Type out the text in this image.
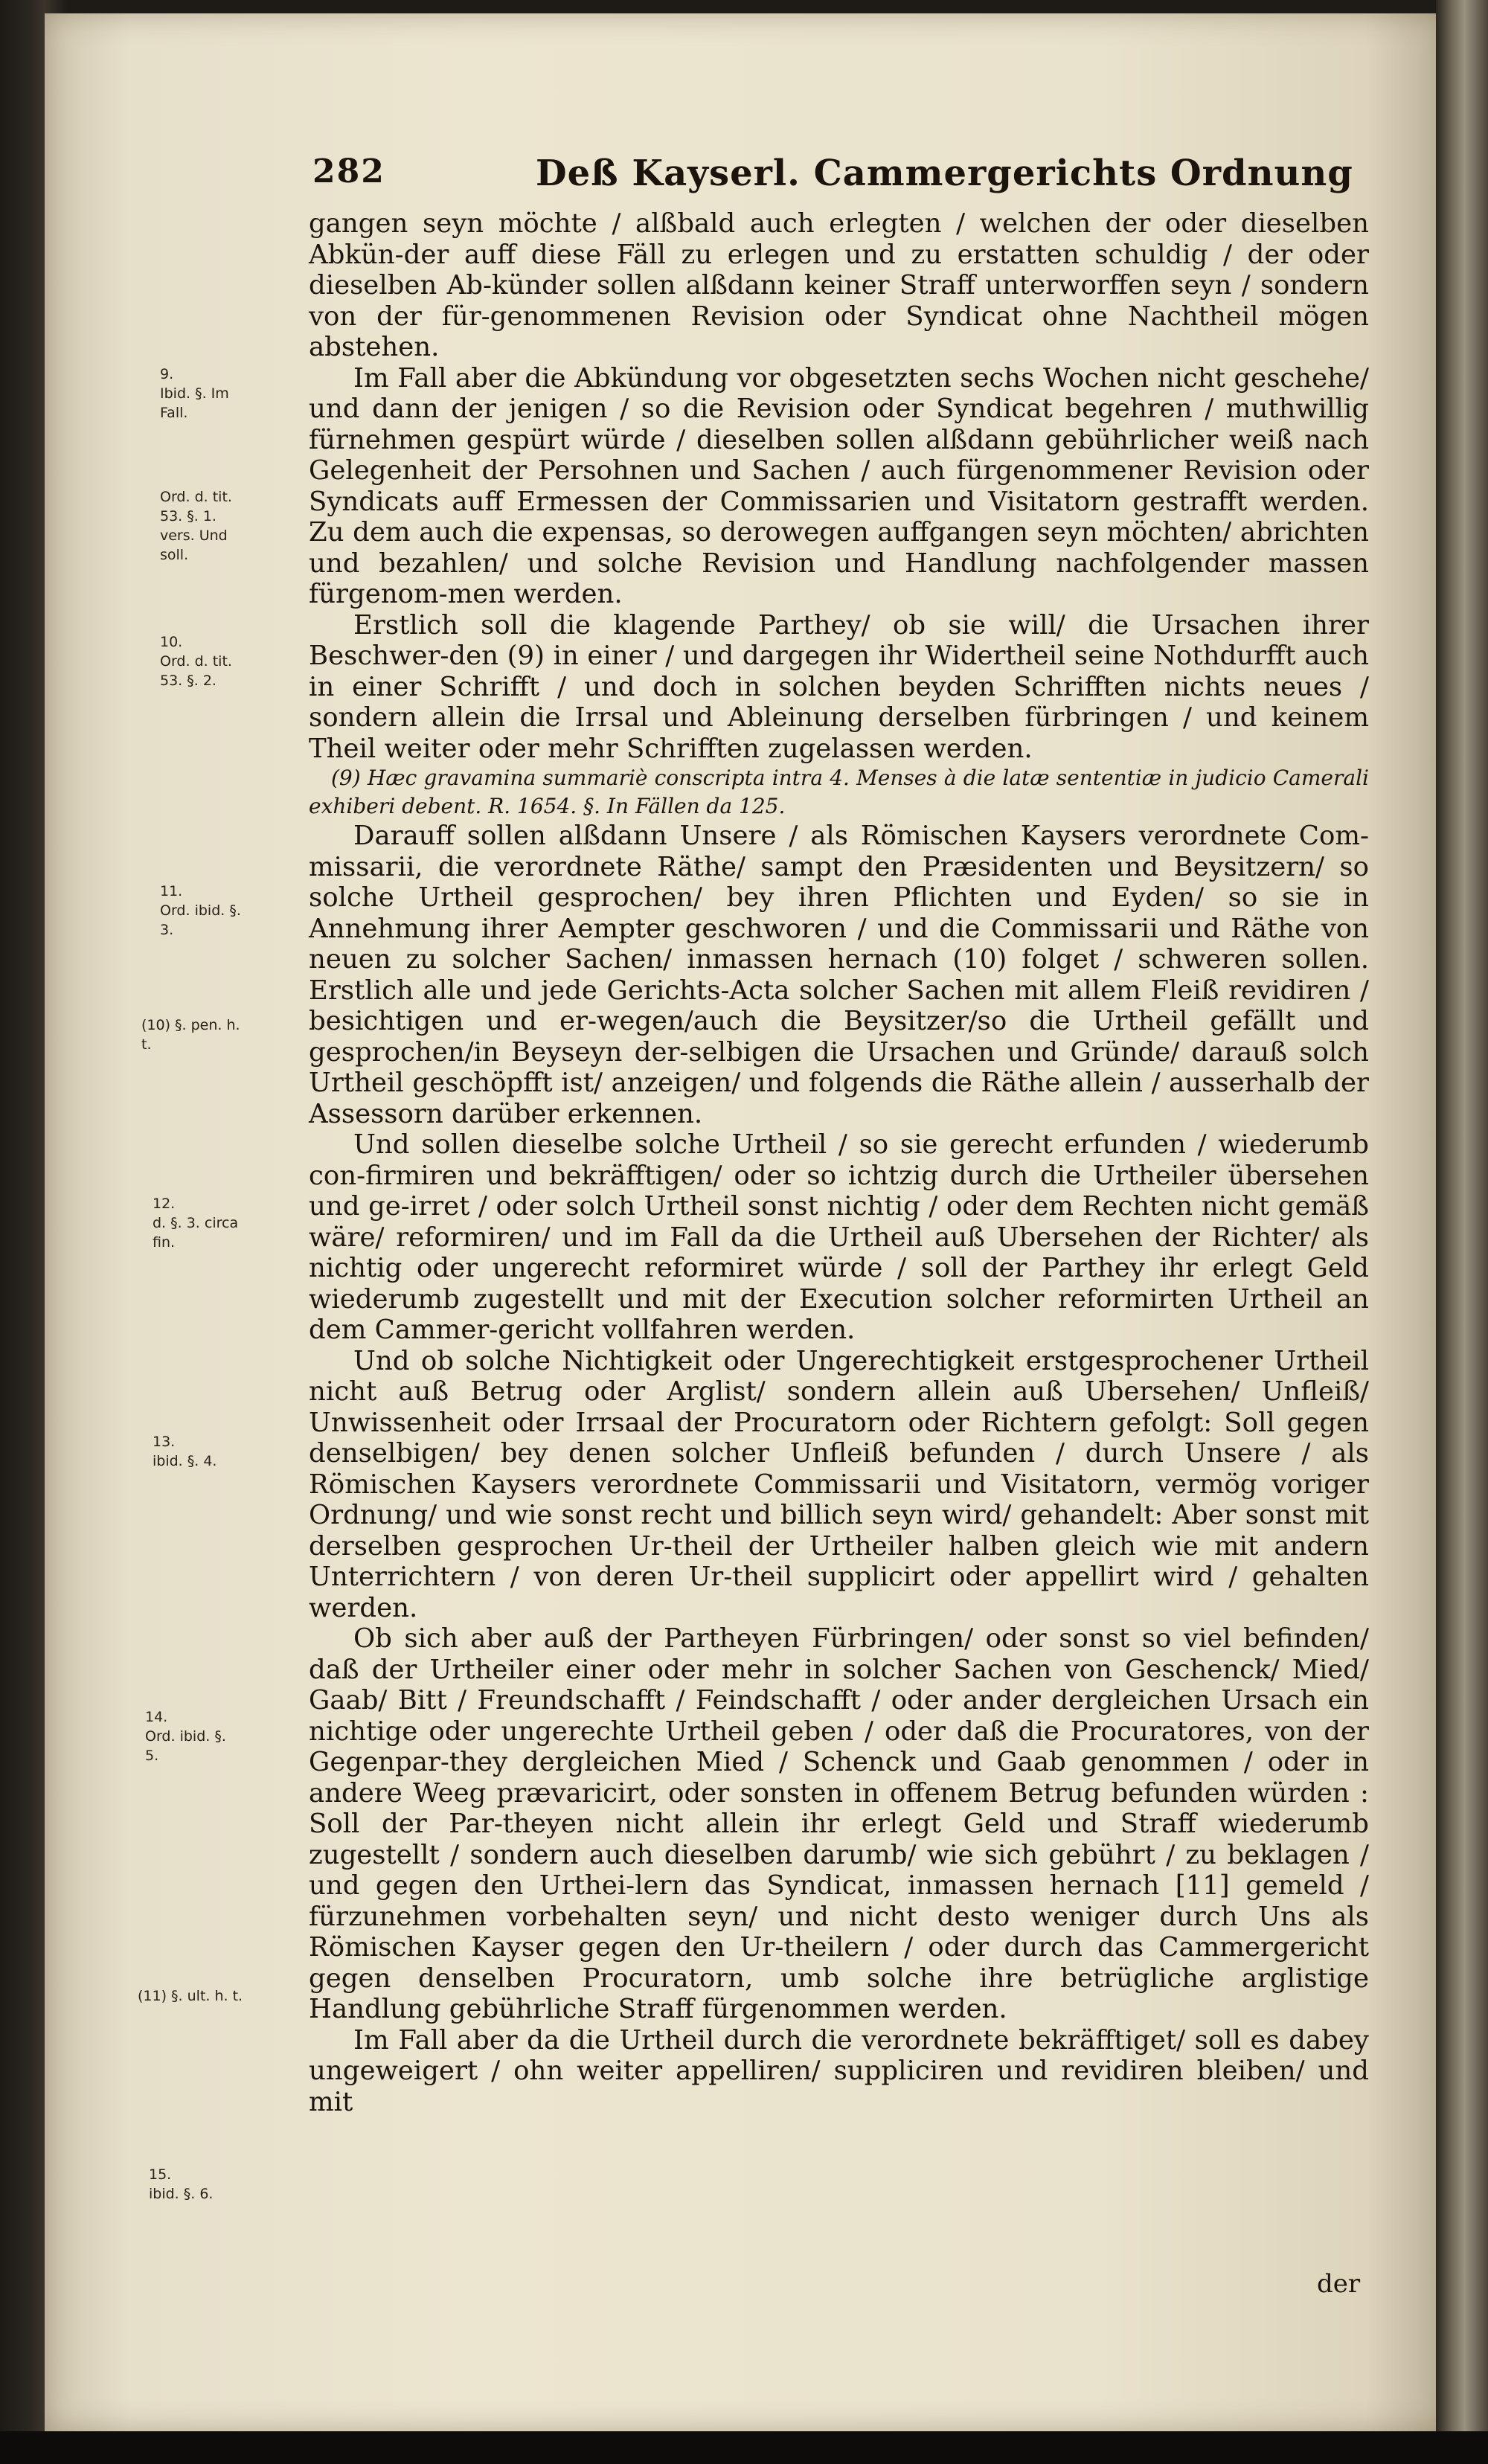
282	Deß Kayserl. Cammergerichts Ordnung
9.
Ibid. §. Im Fall.
Ord. d. tit. 53. §. 1. vers. Und soll.
10.
Ord. d. tit. 53. §. 2.
11.
Ord. ibid. §. 3.
(10) §. pen. h. t.
12.
d. §. 3. circa fin.
13.
ibid. §. 4.
14.
Ord. ibid. §. 5.
(11) §. ult. h. t.
15.
ibid. §. 6.

gangen seyn möchte / alßbald auch erlegten / welchen der oder dieselben Abkün-der auff diese Fäll zu erlegen und zu erstatten schuldig / der oder dieselben Ab-künder sollen alßdann keiner Straff unterworffen seyn / sondern von der für-genommenen Revision oder Syndicat ohne Nachtheil mögen abstehen.

Im Fall aber die Abkündung vor obgesetzten sechs Wochen nicht geschehe/ und dann der jenigen / so die Revision oder Syndicat begehren / muthwillig fürnehmen gespürt würde / dieselben sollen alßdann gebührlicher weiß nach Gelegenheit der Persohnen und Sachen / auch fürgenommener Revision oder Syndicats auff Ermessen der Commissarien und Visitatorn gestrafft werden. Zu dem auch die expensas, so derowegen auffgangen seyn möchten/ abrichten und bezahlen/ und solche Revision und Handlung nachfolgender massen fürgenom-men werden.

Erstlich soll die klagende Parthey/ ob sie will/ die Ursachen ihrer Beschwer-den (9) in einer / und dargegen ihr Widertheil seine Nothdurfft auch in einer Schrifft / und doch in solchen beyden Schrifften nichts neues / sondern allein die Irrsal und Ableinung derselben fürbringen / und keinem Theil weiter oder mehr Schrifften zugelassen werden.

(9) Hæc gravamina summariè conscripta intra 4. Menses à die latæ sententiæ in judicio Camerali exhiberi debent. R. 1654. §. In Fällen da 125.

Darauff sollen alßdann Unsere / als Römischen Kaysers verordnete Com-missarii, die verordnete Räthe/ sampt den Præsidenten und Beysitzern/ so solche Urtheil gesprochen/ bey ihren Pflichten und Eyden/ so sie in Annehmung ihrer Aempter geschworen / und die Commissarii und Räthe von neuen zu solcher Sachen/ inmassen hernach (10) folget / schweren sollen. Erstlich alle und jede Gerichts-Acta solcher Sachen mit allem Fleiß revidiren / besichtigen und er-wegen/auch die Beysitzer/so die Urtheil gefällt und gesprochen/in Beyseyn der-selbigen die Ursachen und Gründe/ darauß solch Urtheil geschöpfft ist/ anzeigen/ und folgends die Räthe allein / ausserhalb der Assessorn darüber erkennen.

Und sollen dieselbe solche Urtheil / so sie gerecht erfunden / wiederumb con-firmiren und bekräfftigen/ oder so ichtzig durch die Urtheiler übersehen und ge-irret / oder solch Urtheil sonst nichtig / oder dem Rechten nicht gemäß wäre/ reformiren/ und im Fall da die Urtheil auß Ubersehen der Richter/ als nichtig oder ungerecht reformiret würde / soll der Parthey ihr erlegt Geld wiederumb zugestellt und mit der Execution solcher reformirten Urtheil an dem Cammer-gericht vollfahren werden.

Und ob solche Nichtigkeit oder Ungerechtigkeit erstgesprochener Urtheil nicht auß Betrug oder Arglist/ sondern allein auß Ubersehen/ Unfleiß/ Unwissenheit oder Irrsaal der Procuratorn oder Richtern gefolgt: Soll gegen denselbigen/ bey denen solcher Unfleiß befunden / durch Unsere / als Römischen Kaysers verordnete Commissarii und Visitatorn, vermög voriger Ordnung/ und wie sonst recht und billich seyn wird/ gehandelt: Aber sonst mit derselben gesprochen Ur-theil der Urtheiler halben gleich wie mit andern Unterrichtern / von deren Ur-theil supplicirt oder appellirt wird / gehalten werden.

Ob sich aber auß der Partheyen Fürbringen/ oder sonst so viel befinden/ daß der Urtheiler einer oder mehr in solcher Sachen von Geschenck/ Mied/ Gaab/ Bitt / Freundschafft / Feindschafft / oder ander dergleichen Ursach ein nichtige oder ungerechte Urtheil geben / oder daß die Procuratores, von der Gegenpar-they dergleichen Mied / Schenck und Gaab genommen / oder in andere Weeg prævaricirt, oder sonsten in offenem Betrug befunden würden : Soll der Par-theyen nicht allein ihr erlegt Geld und Straff wiederumb zugestellt / sondern auch dieselben darumb/ wie sich gebührt / zu beklagen / und gegen den Urthei-lern das Syndicat, inmassen hernach [11] gemeld / fürzunehmen vorbehalten seyn/ und nicht desto weniger durch Uns als Römischen Kayser gegen den Ur-theilern / oder durch das Cammergericht gegen denselben Procuratorn, umb solche ihre betrügliche arglistige Handlung gebührliche Straff fürgenommen werden.

Im Fall aber da die Urtheil durch die verordnete bekräfftiget/ soll es dabey ungeweigert / ohn weiter appelliren/ suppliciren und revidiren bleiben/ und mit

der
